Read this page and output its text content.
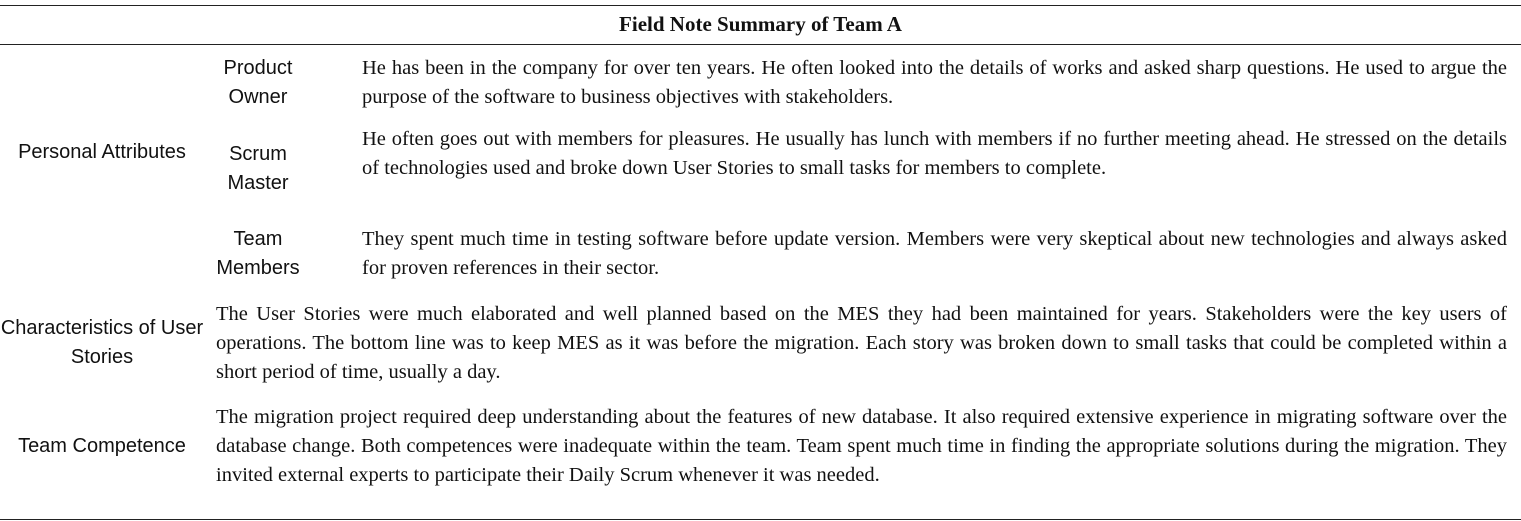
Field Note Summary of Team A
Personal Attributes
Product Owner
He has been in the company for over ten years. He often looked into the details of works and asked sharp questions. He used to argue the purpose of the software to business objectives with stakeholders.
Scrum Master
He often goes out with members for pleasures. He usually has lunch with members if no further meeting ahead. He stressed on the details of technologies used and broke down User Stories to small tasks for members to complete.
Team Members
They spent much time in testing software before update version. Members were very skeptical about new technologies and always asked for proven references in their sector.
Characteristics of User Stories
The User Stories were much elaborated and well planned based on the MES they had been maintained for years. Stakeholders were the key users of operations. The bottom line was to keep MES as it was before the migration. Each story was broken down to small tasks that could be completed within a short period of time, usually a day.
Team Competence
The migration project required deep understanding about the features of new database. It also required extensive experience in migrating software over the database change. Both competences were inadequate within the team. Team spent much time in finding the appropriate solutions during the migration. They invited external experts to participate their Daily Scrum whenever it was needed.
